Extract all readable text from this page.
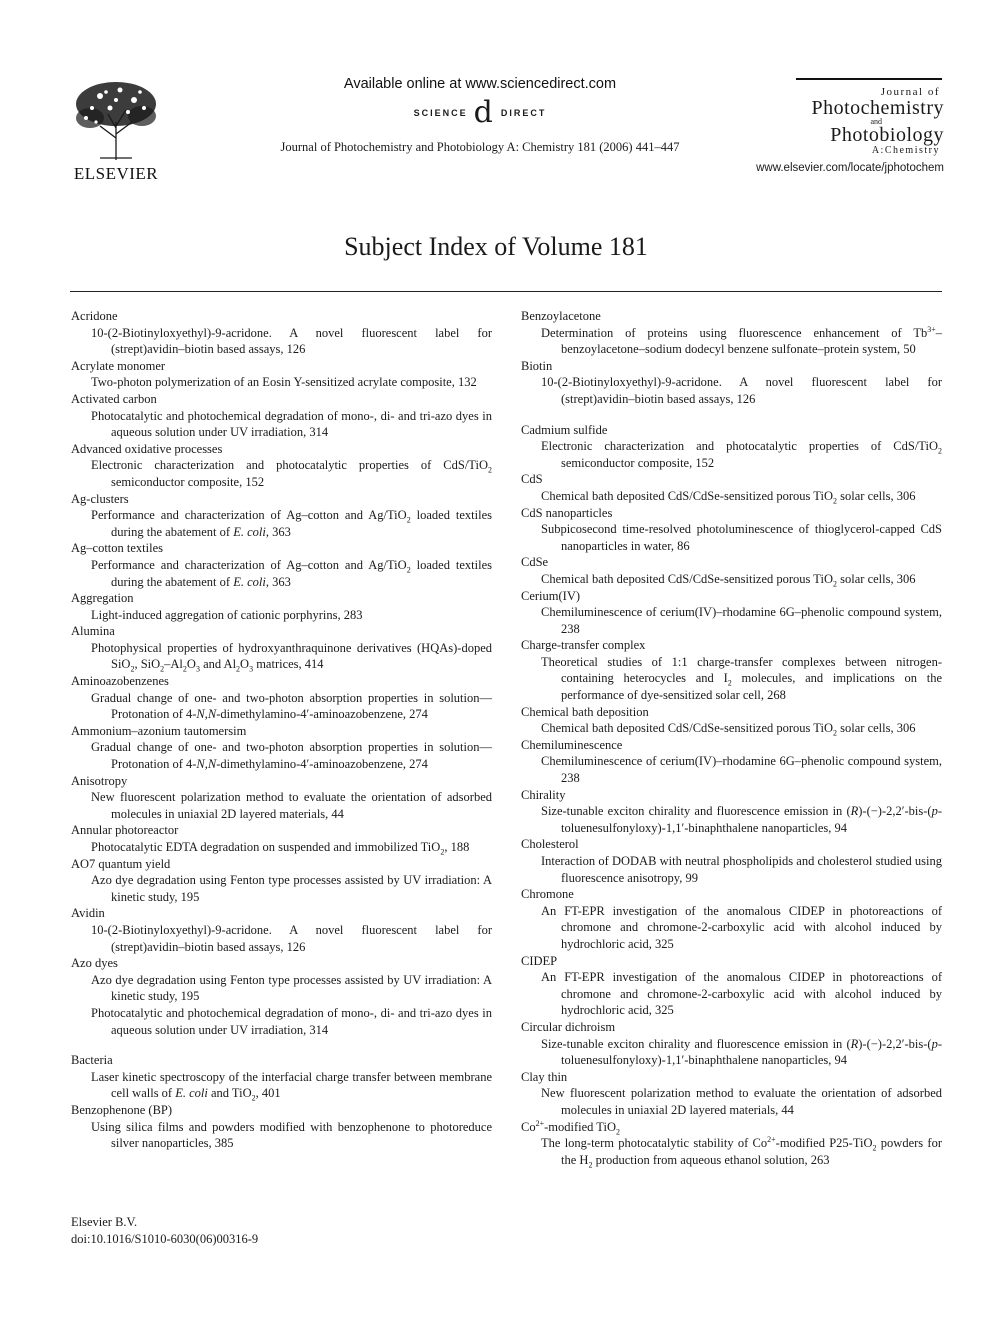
ELSEVIER
Available online at www.sciencedirect.com
SCIENCE d DIRECT
Journal of Photochemistry and Photobiology A: Chemistry 181 (2006) 441–447
Journal of
Photochemistry
and
Photobiology
A:Chemistry
www.elsevier.com/locate/jphotochem
Subject Index of Volume 181
Acridone
10-(2-Biotinyloxyethyl)-9-acridone. A novel fluorescent label for (strept)avidin–biotin based assays, 126
Acrylate monomer
Two-photon polymerization of an Eosin Y-sensitized acrylate composite, 132
Activated carbon
Photocatalytic and photochemical degradation of mono-, di- and tri-azo dyes in aqueous solution under UV irradiation, 314
Advanced oxidative processes
Electronic characterization and photocatalytic properties of CdS/TiO$_2$ semiconductor composite, 152
Ag-clusters
Performance and characterization of Ag–cotton and Ag/TiO$_2$ loaded textiles during the abatement of E. coli, 363
Ag–cotton textiles
Performance and characterization of Ag–cotton and Ag/TiO$_2$ loaded textiles during the abatement of E. coli, 363
Aggregation
Light-induced aggregation of cationic porphyrins, 283
Alumina
Photophysical properties of hydroxyanthraquinone derivatives (HQAs)-doped SiO$_2$, $SiO_2-Al_2O_3$ and $Al_2O_3$ matrices, 414
Aminoazobenzenes
Gradual change of one- and two-photon absorption properties in solution—Protonation of 4-N,N-dimethylamino-4′-aminoazobenzene, 274
Ammonium–azonium tautomersim
Gradual change of one- and two-photon absorption properties in solution—Protonation of 4-N,N-dimethylamino-4′-aminoazobenzene, 274
Anisotropy
New fluorescent polarization method to evaluate the orientation of adsorbed molecules in uniaxial 2D layered materials, 44
Annular photoreactor
Photocatalytic EDTA degradation on suspended and immobilized TiO$_2$, 188
AO7 quantum yield
Azo dye degradation using Fenton type processes assisted by UV irradiation: A kinetic study, 195
Avidin
10-(2-Biotinyloxyethyl)-9-acridone. A novel fluorescent label for (strept)avidin–biotin based assays, 126
Azo dyes
Azo dye degradation using Fenton type processes assisted by UV irradiation: A kinetic study, 195
Photocatalytic and photochemical degradation of mono-, di- and tri-azo dyes in aqueous solution under UV irradiation, 314
Bacteria
Laser kinetic spectroscopy of the interfacial charge transfer between membrane cell walls of E. coli and TiO$_2$, 401
Benzophenone (BP)
Using silica films and powders modified with benzophenone to photoreduce silver nanoparticles, 385
Benzoylacetone
Determination of proteins using fluorescence enhancement of $Tb^{3+}-benzoylacetone$–sodium dodecyl benzene sulfonate–protein system, 50
Biotin
10-(2-Biotinyloxyethyl)-9-acridone. A novel fluorescent label for (strept)avidin–biotin based assays, 126
Cadmium sulfide
Electronic characterization and photocatalytic properties of CdS/TiO$_2$ semiconductor composite, 152
CdS
Chemical bath deposited CdS/CdSe-sensitized porous TiO$_2$ solar cells, 306
CdS nanoparticles
Subpicosecond time-resolved photoluminescence of thioglycerol-capped CdS nanoparticles in water, 86
CdSe
Chemical bath deposited CdS/CdSe-sensitized porous TiO$_2$ solar cells, 306
Cerium(IV)
Chemiluminescence of cerium(IV)–rhodamine 6G–phenolic compound system, 238
Charge-transfer complex
Theoretical studies of 1:1 charge-transfer complexes between nitrogen-containing heterocycles and $I_2$ molecules, and implications on the performance of dye-sensitized solar cell, 268
Chemical bath deposition
Chemical bath deposited CdS/CdSe-sensitized porous TiO$_2$ solar cells, 306
Chemiluminescence
Chemiluminescence of cerium(IV)–rhodamine 6G–phenolic compound system, 238
Chirality
Size-tunable exciton chirality and fluorescence emission in (R)-(−)-2,2′-bis-(p-toluenesulfonyloxy)-1,1′-binaphthalene nanoparticles, 94
Cholesterol
Interaction of DODAB with neutral phospholipids and cholesterol studied using fluorescence anisotropy, 99
Chromone
An FT-EPR investigation of the anomalous CIDEP in photoreactions of chromone and chromone-2-carboxylic acid with alcohol induced by hydrochloric acid, 325
CIDEP
An FT-EPR investigation of the anomalous CIDEP in photoreactions of chromone and chromone-2-carboxylic acid with alcohol induced by hydrochloric acid, 325
Circular dichroism
Size-tunable exciton chirality and fluorescence emission in (R)-(−)-2,2′-bis-(p-toluenesulfonyloxy)-1,1′-binaphthalene nanoparticles, 94
Clay thin
New fluorescent polarization method to evaluate the orientation of adsorbed molecules in uniaxial 2D layered materials, 44
$Co^{2+}$-modified TiO$_2$
The long-term photocatalytic stability of $Co^{2+}$-modified P25-TiO$_2$ powders for the $H_2$ production from aqueous ethanol solution, 263
Elsevier B.V.
doi:10.1016/S1010-6030(06)00316-9
